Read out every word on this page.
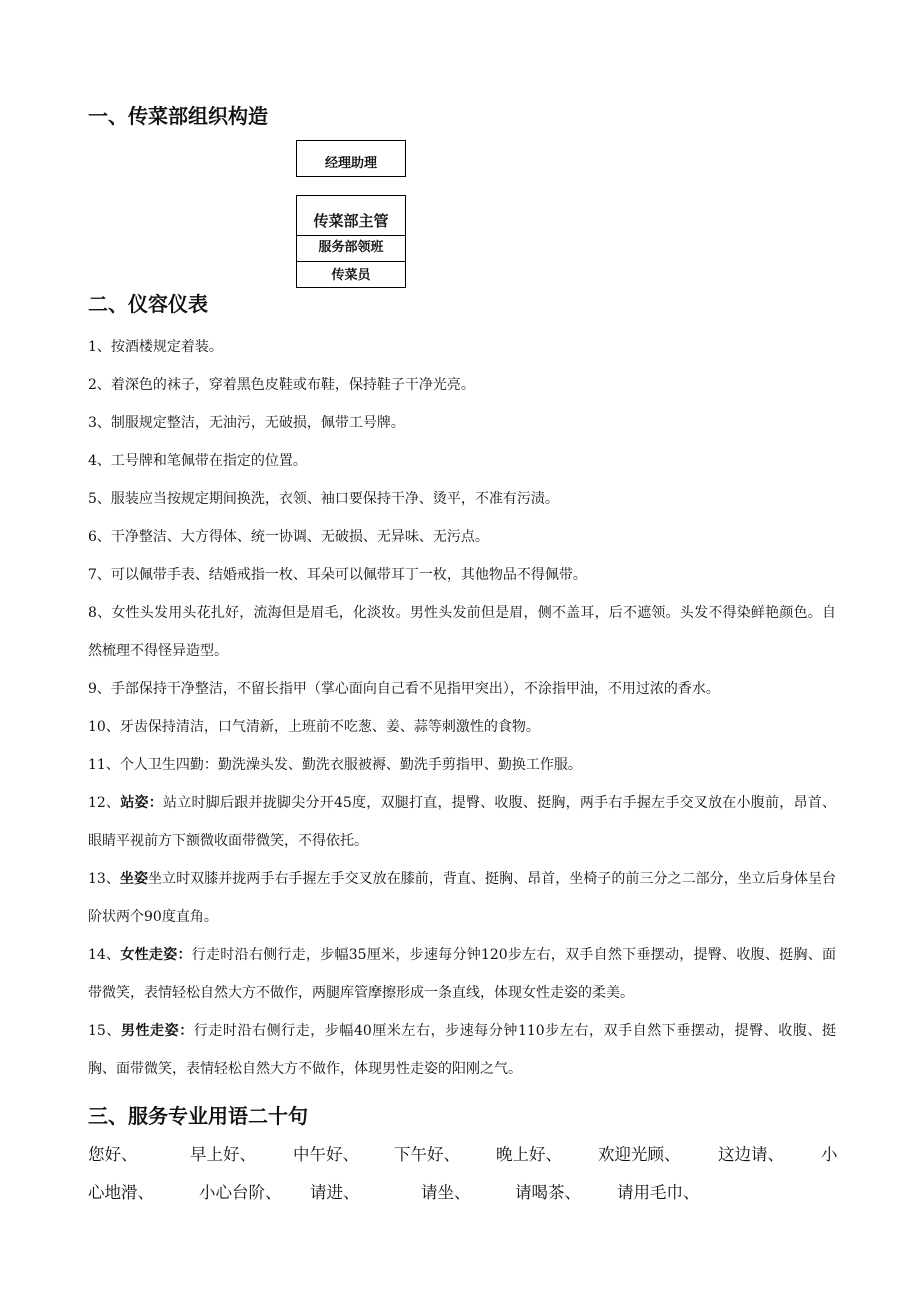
一、传菜部组织构造
经理助理
传菜部主管
服务部领班
传菜员
二、仪容仪表
1、按酒楼规定着装。
2、着深色的袜子，穿着黑色皮鞋或布鞋，保持鞋子干净光亮。
3、制服规定整洁，无油污，无破损，佩带工号牌。
4、工号牌和笔佩带在指定的位置。
5、服装应当按规定期间换洗，衣领、袖口要保持干净、烫平，不准有污渍。
6、干净整洁、大方得体、统一协调、无破损、无异味、无污点。
7、可以佩带手表、结婚戒指一枚、耳朵可以佩带耳丁一枚，其他物品不得佩带。
8、女性头发用头花扎好，流海但是眉毛，化淡妆。男性头发前但是眉，侧不盖耳，后不遮领。头发不得染鲜艳颜色。自然梳理不得怪异造型。
9、手部保持干净整洁，不留长指甲（掌心面向自己看不见指甲突出），不涂指甲油，不用过浓的香水。
10、牙齿保持清洁，口气清新，上班前不吃葱、姜、蒜等刺激性的食物。
11、个人卫生四勤：勤洗澡头发、勤洗衣服被褥、勤洗手剪指甲、勤换工作服。
12、站姿：站立时脚后跟并拢脚尖分开45度，双腿打直，提臀、收腹、挺胸，两手右手握左手交叉放在小腹前，昂首、眼睛平视前方下额微收面带微笑，不得依托。
13、坐姿坐立时双膝并拢两手右手握左手交叉放在膝前，背直、挺胸、昂首，坐椅子的前三分之二部分，坐立后身体呈台阶状两个90度直角。
14、女性走姿：行走时沿右侧行走，步幅35厘米，步速每分钟120步左右，双手自然下垂摆动，提臀、收腹、挺胸、面带微笑，表情轻松自然大方不做作，两腿库管摩擦形成一条直线，体现女性走姿的柔美。
15、男性走姿：行走时沿右侧行走，步幅40厘米左右，步速每分钟110步左右，双手自然下垂摆动，提臀、收腹、挺胸、面带微笑，表情轻松自然大方不做作，体现男性走姿的阳刚之气。
三、服务专业用语二十句
您好、	早上好、 中午好、 下午好、 晚上好、 欢迎光顾、 这边请、 小
心地滑、	小心台阶、 请进、	请坐、	请喝茶、 请用毛巾、
